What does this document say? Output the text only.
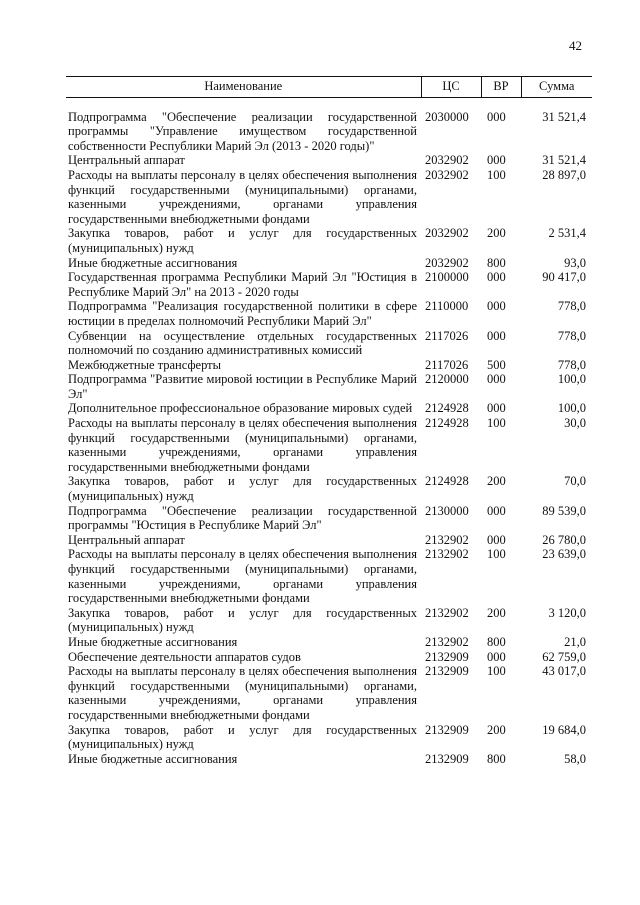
42
Наименование	ЦС	ВР	Сумма
Подпрограмма "Обеспечение реализации государственной программы "Управление имуществом государственной собственности Республики Марий Эл (2013 - 2020 годы)"	2030000	000	31 521,4
Центральный аппарат	2032902	000	31 521,4
Расходы на выплаты персоналу в целях обеспечения выполнения функций государственными (муниципальными) органами, казенными учреждениями, органами управления государственными внебюджетными фондами	2032902	100	28 897,0
Закупка товаров, работ и услуг для государственных (муниципальных) нужд	2032902	200	2 531,4
Иные бюджетные ассигнования	2032902	800	93,0
Государственная программа Республики Марий Эл "Юстиция в Республике Марий Эл" на 2013 - 2020 годы	2100000	000	90 417,0
Подпрограмма "Реализация государственной политики в сфере юстиции в пределах полномочий Республики Марий Эл"	2110000	000	778,0
Субвенции на осуществление отдельных государственных полномочий по созданию административных комиссий	2117026	000	778,0
Межбюджетные трансферты	2117026	500	778,0
Подпрограмма "Развитие мировой юстиции в Республике Марий Эл"	2120000	000	100,0
Дополнительное профессиональное образование мировых судей	2124928	000	100,0
Расходы на выплаты персоналу в целях обеспечения выполнения функций государственными (муниципальными) органами, казенными учреждениями, органами управления государственными внебюджетными фондами	2124928	100	30,0
Закупка товаров, работ и услуг для государственных (муниципальных) нужд	2124928	200	70,0
Подпрограмма "Обеспечение реализации государственной программы "Юстиция в Республике Марий Эл"	2130000	000	89 539,0
Центральный аппарат	2132902	000	26 780,0
Расходы на выплаты персоналу в целях обеспечения выполнения функций государственными (муниципальными) органами, казенными учреждениями, органами управления государственными внебюджетными фондами	2132902	100	23 639,0
Закупка товаров, работ и услуг для государственных (муниципальных) нужд	2132902	200	3 120,0
Иные бюджетные ассигнования	2132902	800	21,0
Обеспечение деятельности аппаратов судов	2132909	000	62 759,0
Расходы на выплаты персоналу в целях обеспечения выполнения функций государственными (муниципальными) органами, казенными учреждениями, органами управления государственными внебюджетными фондами	2132909	100	43 017,0
Закупка товаров, работ и услуг для государственных (муниципальных) нужд	2132909	200	19 684,0
Иные бюджетные ассигнования	2132909	800	58,0
